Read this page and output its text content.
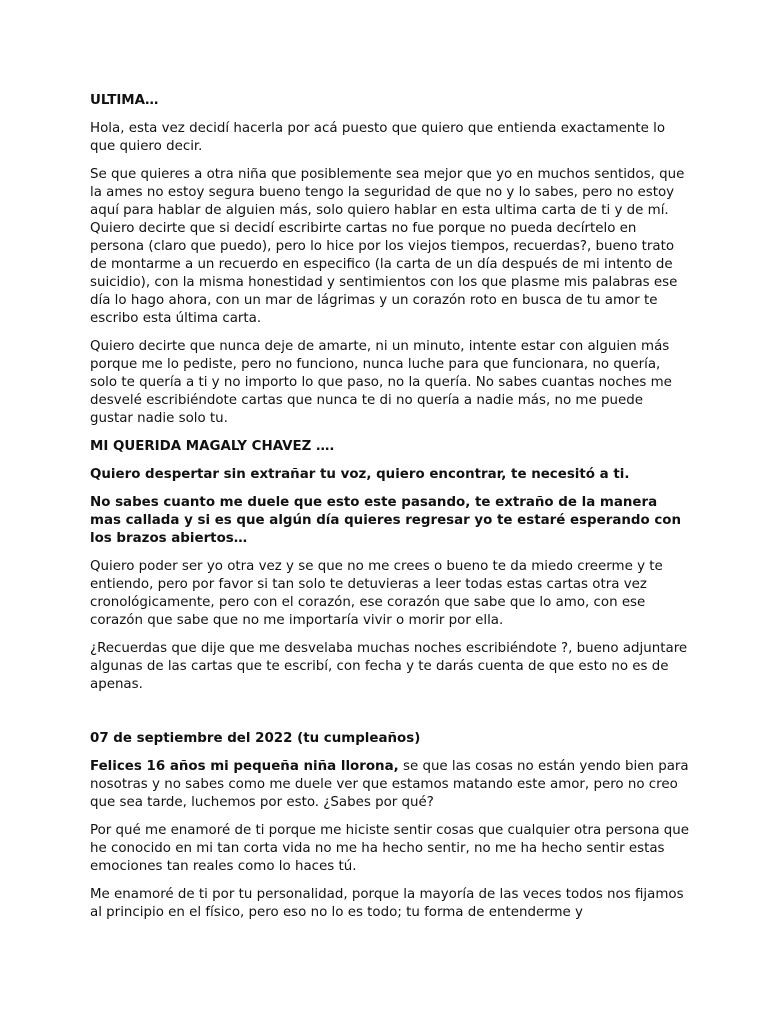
ULTIMA…

Hola, esta vez decidí hacerla por acá puesto que quiero que entienda exactamente lo que quiero decir.

Se que quieres a otra niña que posiblemente sea mejor que yo en muchos sentidos, que la ames no estoy segura bueno tengo la seguridad de que no y lo sabes, pero no estoy aquí para hablar de alguien más, solo quiero hablar en esta ultima carta de ti y de mí. Quiero decirte que si decidí escribirte cartas no fue porque no pueda decírtelo en persona (claro que puedo), pero lo hice por los viejos tiempos, recuerdas?, bueno trato de montarme a un recuerdo en especifico (la carta de un día después de mi intento de suicidio), con la misma honestidad y sentimientos con los que plasme mis palabras ese día lo hago ahora, con un mar de lágrimas y un corazón roto en busca de tu amor te escribo esta última carta.

Quiero decirte que nunca deje de amarte, ni un minuto, intente estar con alguien más porque me lo pediste, pero no funciono, nunca luche para que funcionara, no quería, solo te quería a ti y no importo lo que paso, no la quería. No sabes cuantas noches me desvelé escribiéndote cartas que nunca te di no quería a nadie más, no me puede gustar nadie solo tu.

MI QUERIDA MAGALY CHAVEZ ….

Quiero despertar sin extrañar tu voz, quiero encontrar, te necesitó a ti.

No sabes cuanto me duele que esto este pasando, te extraño de la manera mas callada y si es que algún día quieres regresar yo te estaré esperando con los brazos abiertos…

Quiero poder ser yo otra vez y se que no me crees o bueno te da miedo creerme y te entiendo, pero por favor si tan solo te detuvieras a leer todas estas cartas otra vez cronológicamente, pero con el corazón, ese corazón que sabe que lo amo, con ese corazón que sabe que no me importaría vivir o morir por ella.

¿Recuerdas que dije que me desvelaba muchas noches escribiéndote ?, bueno adjuntare algunas de las cartas que te escribí, con fecha y te darás cuenta de que esto no es de apenas.

07 de septiembre del 2022 (tu cumpleaños)

Felices 16 años mi pequeña niña llorona, se que las cosas no están yendo bien para nosotras y no sabes como me duele ver que estamos matando este amor, pero no creo que sea tarde, luchemos por esto. ¿Sabes por qué?

Por qué me enamoré de ti porque me hiciste sentir cosas que cualquier otra persona que he conocido en mi tan corta vida no me ha hecho sentir, no me ha hecho sentir estas emociones tan reales como lo haces tú.

Me enamoré de ti por tu personalidad, porque la mayoría de las veces todos nos fijamos al principio en el físico, pero eso no lo es todo; tu forma de entenderme y
